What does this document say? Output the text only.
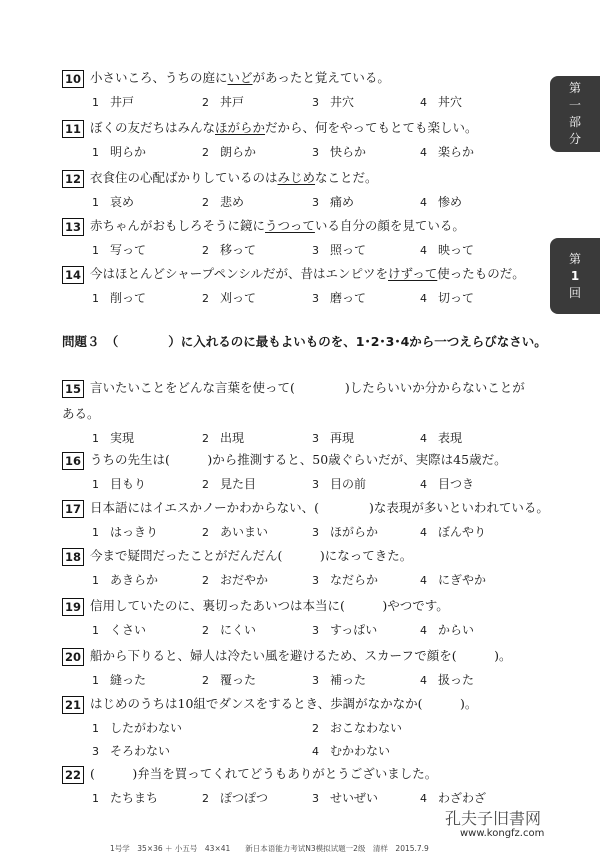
第
一
部
分
第
1
回
10 小さいころ、うちの庭にいどがあったと覚えている。
1 井戸	2 丼戸	3 井穴	4 丼穴
11 ぼくの友だちはみんなほがらかだから、何をやってもとても楽しい。
1 明らか	2 朗らか	3 快らか	4 楽らか
12 衣食住の心配ばかりしているのはみじめなことだ。
1 哀め	2 悲め	3 痛め	4 惨め
13 赤ちゃんがおもしろそうに鏡にうつっている自分の顔を見ている。
1 写って	2 移って	3 照って	4 映って
14 今はほとんどシャープペンシルだが、昔はエンピツをけずって使ったものだ。
1 削って	2 刈って	3 磨って	4 切って
問題３　（　　　　）に入れるのに最もよいものを、1･2･3･4から一つえらびなさい。
15 言いたいことをどんな言葉を使って(　　　　)したらいいか分からないことが
ある。
1 実現	2 出現	3 再現	4 表現
16 うちの先生は(　　　)から推測すると、50歳ぐらいだが、実際は45歳だ。
1 目もり	2 見た目	3 目の前	4 目つき
17 日本語にはイエスかノーかわからない、(　　　　)な表現が多いといわれている。
1 はっきり	2 あいまい	3 ほがらか	4 ぼんやり
18 今まで疑問だったことがだんだん(　　　)になってきた。
1 あきらか	2 おだやか	3 なだらか	4 にぎやか
19 信用していたのに、裏切ったあいつは本当に(　　　)やつです。
1 くさい	2 にくい	3 すっぱい	4 からい
20 船から下りると、婦人は冷たい風を避けるため、スカーフで顔を(　　　)。
1 縫った	2 覆った	3 補った	4 扱った
21 はじめのうちは10組でダンスをするとき、歩調がなかなか(　　　)。
1 したがわない	2 おこなわない
3 そろわない	4 むかわない
22 (　　　)弁当を買ってくれてどうもありがとうございました。
1 たちまち	2 ぽつぽつ	3 せいぜい	4 わざわざ
孔夫子旧書网
www.kongfz.com
1号学　35×36 ＋ 小五号　43×41　　新日本语能力考试N3模拟试题一2级　清样　2015.7.9
